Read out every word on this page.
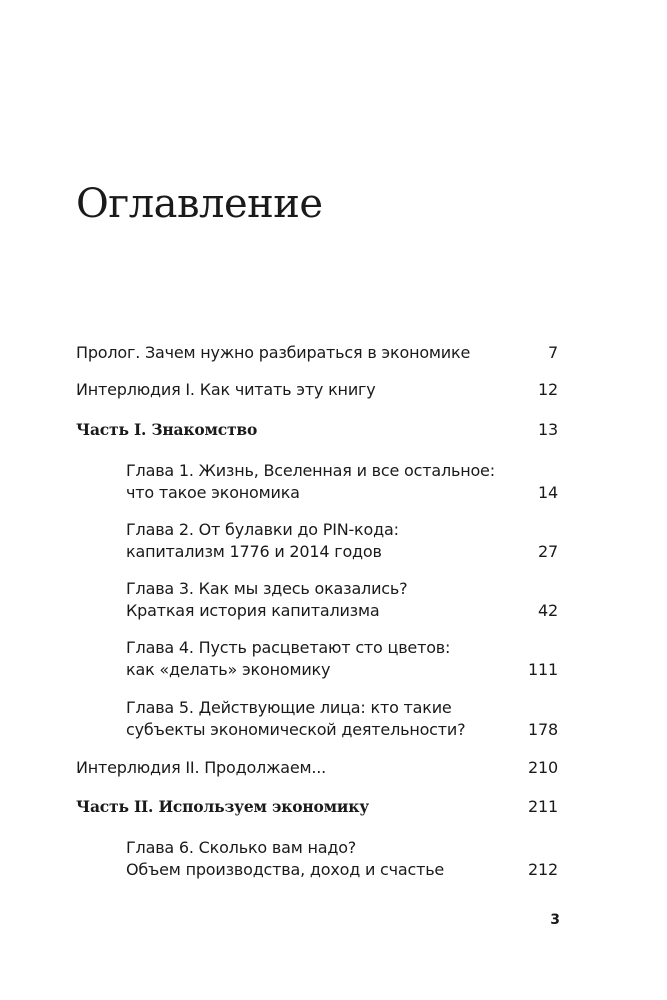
Оглавление
Пролог. Зачем нужно разбираться в экономике	7
Интерлюдия I. Как читать эту книгу	12
Часть I. Знакомство	13
Глава 1. Жизнь, Вселенная и все остальное:
что такое экономика	14
Глава 2. От булавки до PIN-кода:
капитализм 1776 и 2014 годов	27
Глава 3. Как мы здесь оказались?
Краткая история капитализма	42
Глава 4. Пусть расцветают сто цветов:
как «делать» экономику	111
Глава 5. Действующие лица: кто такие
субъекты экономической деятельности?	178
Интерлюдия II. Продолжаем...	210
Часть II. Используем экономику	211
Глава 6. Сколько вам надо?
Объем производства, доход и счастье	212
3
